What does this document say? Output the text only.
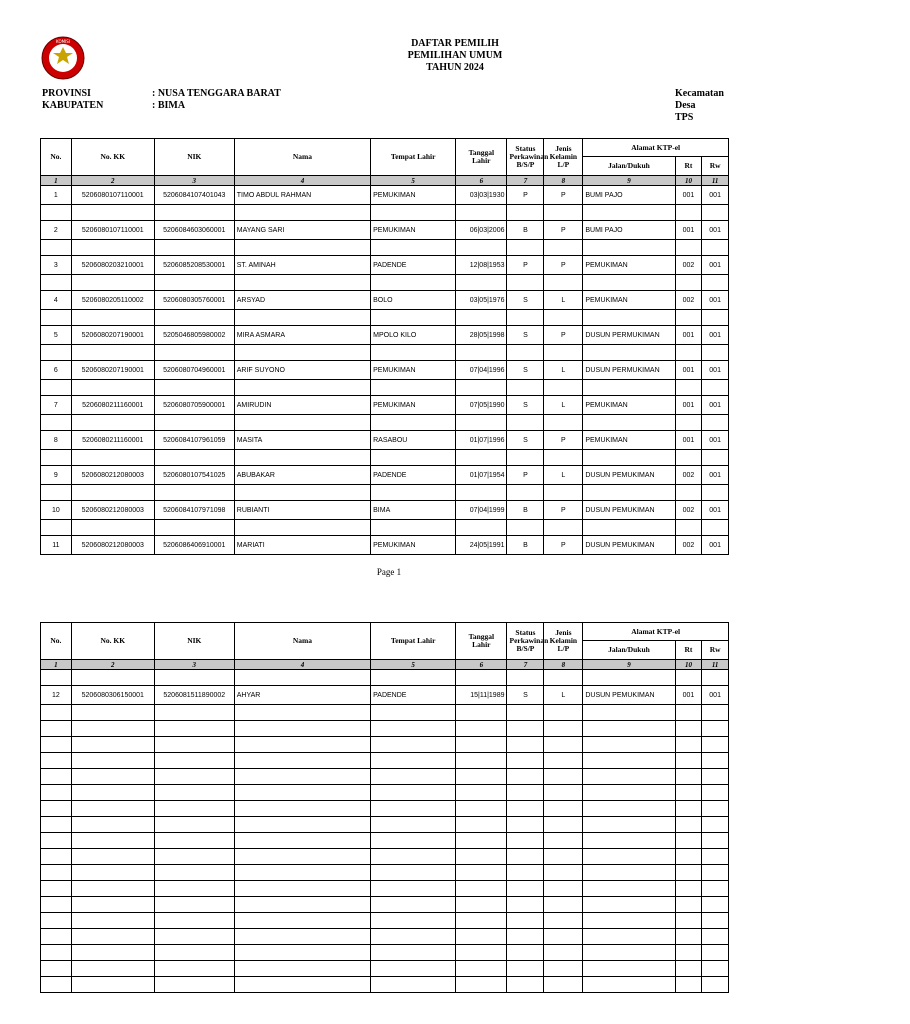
KOMISI	DAFTAR PEMILIH
PEMILIHAN UMUM
TAHUN 2024
PROVINSI	: NUSA TENGGARA BARAT
KABUPATEN	: BIMA
Kecamatan
Desa
TPS
No.	No. KK	NIK	Nama	Tempat Lahir	Tanggal
Lahir	Status
Perkawinan
B/S/P	Jenis
Kelamin
L/P	Alamat KTP-el		
								Jalan/Dukuh	Rt	Rw
1	2	3	4	5	6	7	8	9	10	11
1	5206080107110001	5206084107401043	TIMO ABDUL RAHMAN	PEMUKIMAN	03|03|1930	P	P	BUMI PAJO	001	001

2	5206080107110001	5206084603060001	MAYANG SARI	PEMUKIMAN	06|03|2006	B	P	BUMI PAJO	001	001

3	5206080203210001	5206085208530001	ST. AMINAH	PADENDE	12|08|1953	P	P	PEMUKIMAN	002	001

4	5206080205110002	5206080305760001	ARSYAD	BOLO	03|05|1976	S	L	PEMUKIMAN	002	001

5	5206080207190001	5205046805980002	MIRA ASMARA	MPOLO KILO	28|05|1998	S	P	DUSUN PERMUKIMAN	001	001

6	5206080207190001	5206080704960001	ARIF SUYONO	PEMUKIMAN	07|04|1996	S	L	DUSUN PERMUKIMAN	001	001

7	5206080211160001	5206080705900001	AMIRUDIN	PEMUKIMAN	07|05|1990	S	L	PEMUKIMAN	001	001

8	5206080211160001	5206084107961059	MASITA	RASABOU	01|07|1996	S	P	PEMUKIMAN	001	001

9	5206080212080003	5206080107541025	ABUBAKAR	PADENDE	01|07|1954	P	L	DUSUN PEMUKIMAN	002	001

10	5206080212080003	5206084107971098	RUBIANTI	BIMA	07|04|1999	B	P	DUSUN PEMUKIMAN	002	001

11	5206080212080003	5206086406910001	MARIATI	PEMUKIMAN	24|05|1991	B	P	DUSUN PEMUKIMAN	002	001
Page 1
No.	No. KK	NIK	Nama	Tempat Lahir	Tanggal
Lahir	Status
Perkawinan
B/S/P	Jenis
Kelamin
L/P	Alamat KTP-el		
								Jalan/Dukuh	Rt	Rw
1	2	3	4	5	6	7	8	9	10	11

12	5206080306150001	5206081511890002	AHYAR	PADENDE	15|11|1989	S	L	DUSUN PEMUKIMAN	001	001
